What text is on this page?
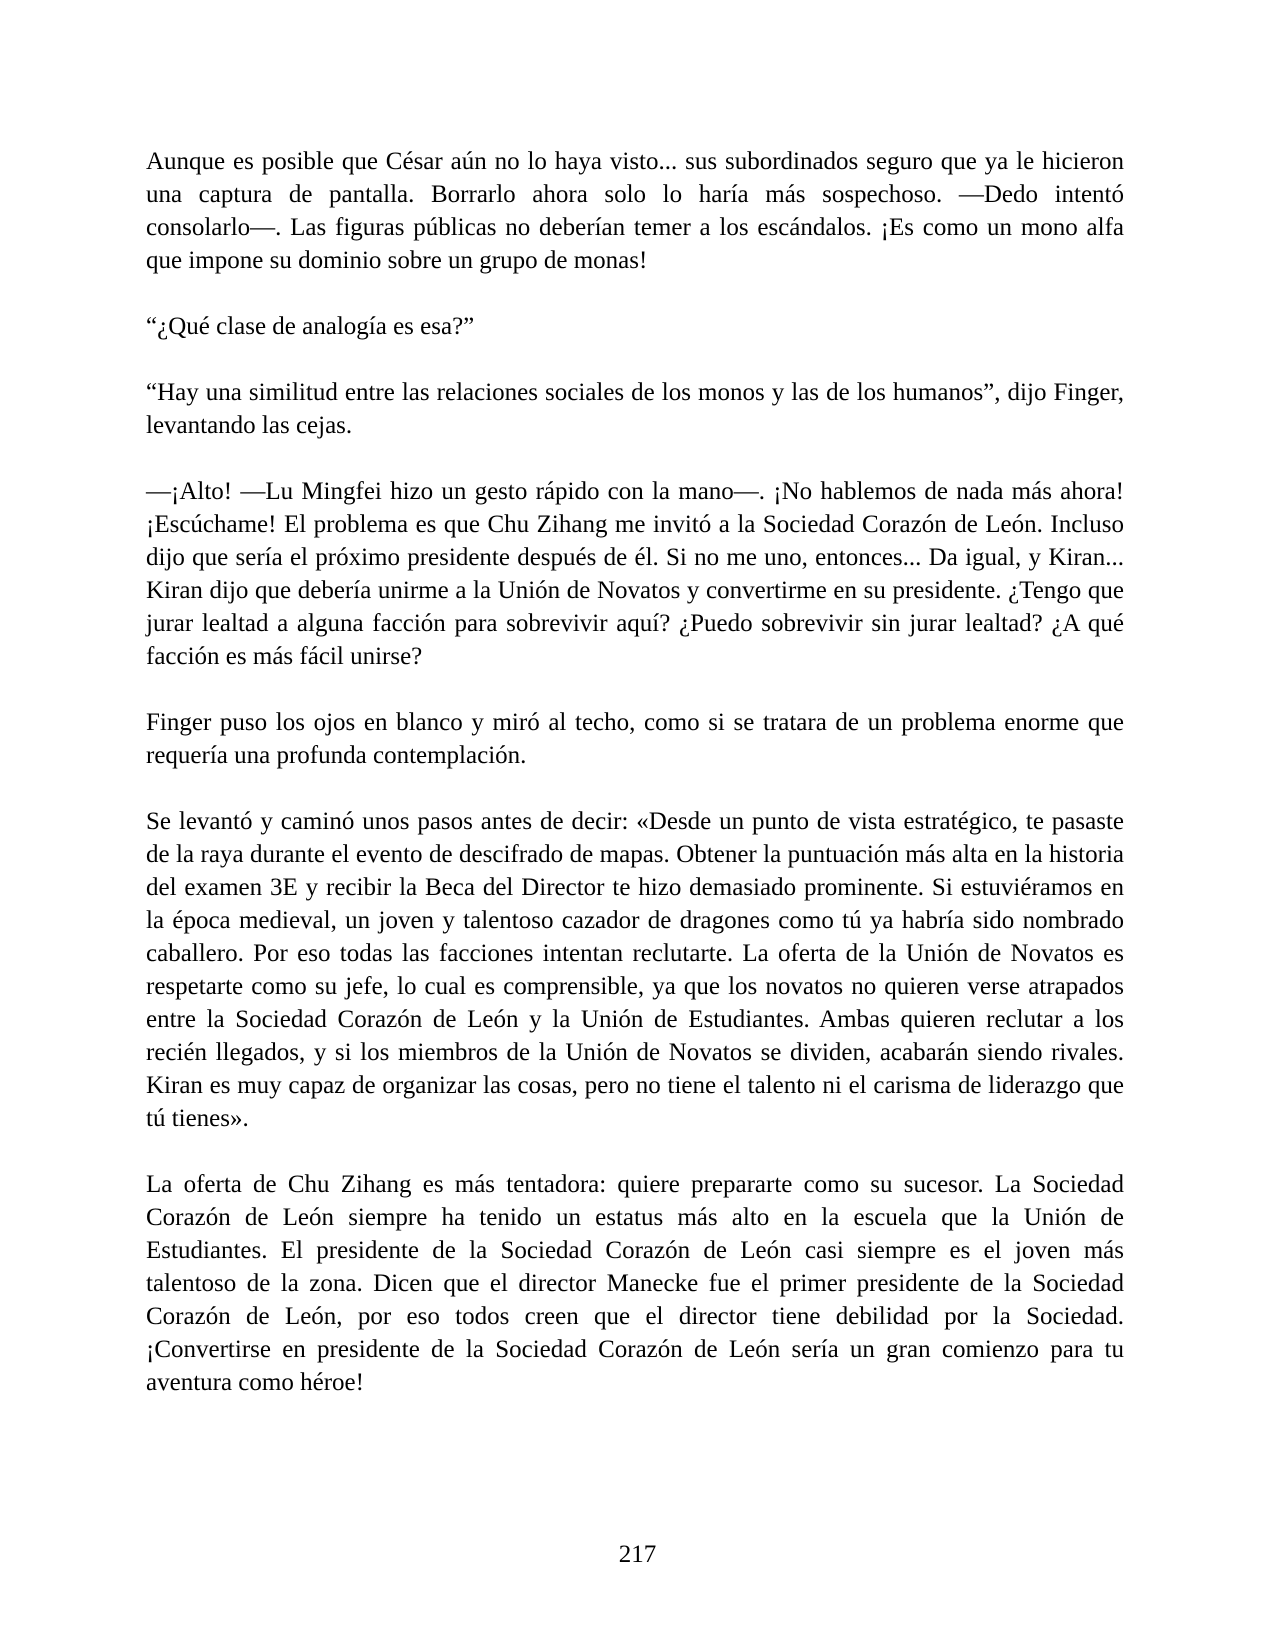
Aunque es posible que César aún no lo haya visto... sus subordinados seguro que ya le hicieron
una captura de pantalla. Borrarlo ahora solo lo haría más sospechoso. —Dedo intentó
consolarlo—. Las figuras públicas no deberían temer a los escándalos. ¡Es como un mono alfa
que impone su dominio sobre un grupo de monas!
“¿Qué clase de analogía es esa?”
“Hay una similitud entre las relaciones sociales de los monos y las de los humanos”, dijo Finger,
levantando las cejas.
—¡Alto! —Lu Mingfei hizo un gesto rápido con la mano—. ¡No hablemos de nada más ahora!
¡Escúchame! El problema es que Chu Zihang me invitó a la Sociedad Corazón de León. Incluso
dijo que sería el próximo presidente después de él. Si no me uno, entonces... Da igual, y Kiran...
Kiran dijo que debería unirme a la Unión de Novatos y convertirme en su presidente. ¿Tengo que
jurar lealtad a alguna facción para sobrevivir aquí? ¿Puedo sobrevivir sin jurar lealtad? ¿A qué
facción es más fácil unirse?
Finger puso los ojos en blanco y miró al techo, como si se tratara de un problema enorme que
requería una profunda contemplación.
Se levantó y caminó unos pasos antes de decir: «Desde un punto de vista estratégico, te pasaste
de la raya durante el evento de descifrado de mapas. Obtener la puntuación más alta en la historia
del examen 3E y recibir la Beca del Director te hizo demasiado prominente. Si estuviéramos en
la época medieval, un joven y talentoso cazador de dragones como tú ya habría sido nombrado
caballero. Por eso todas las facciones intentan reclutarte. La oferta de la Unión de Novatos es
respetarte como su jefe, lo cual es comprensible, ya que los novatos no quieren verse atrapados
entre la Sociedad Corazón de León y la Unión de Estudiantes. Ambas quieren reclutar a los
recién llegados, y si los miembros de la Unión de Novatos se dividen, acabarán siendo rivales.
Kiran es muy capaz de organizar las cosas, pero no tiene el talento ni el carisma de liderazgo que
tú tienes».
La oferta de Chu Zihang es más tentadora: quiere prepararte como su sucesor. La Sociedad
Corazón de León siempre ha tenido un estatus más alto en la escuela que la Unión de
Estudiantes. El presidente de la Sociedad Corazón de León casi siempre es el joven más
talentoso de la zona. Dicen que el director Manecke fue el primer presidente de la Sociedad
Corazón de León, por eso todos creen que el director tiene debilidad por la Sociedad.
¡Convertirse en presidente de la Sociedad Corazón de León sería un gran comienzo para tu
aventura como héroe!
217
